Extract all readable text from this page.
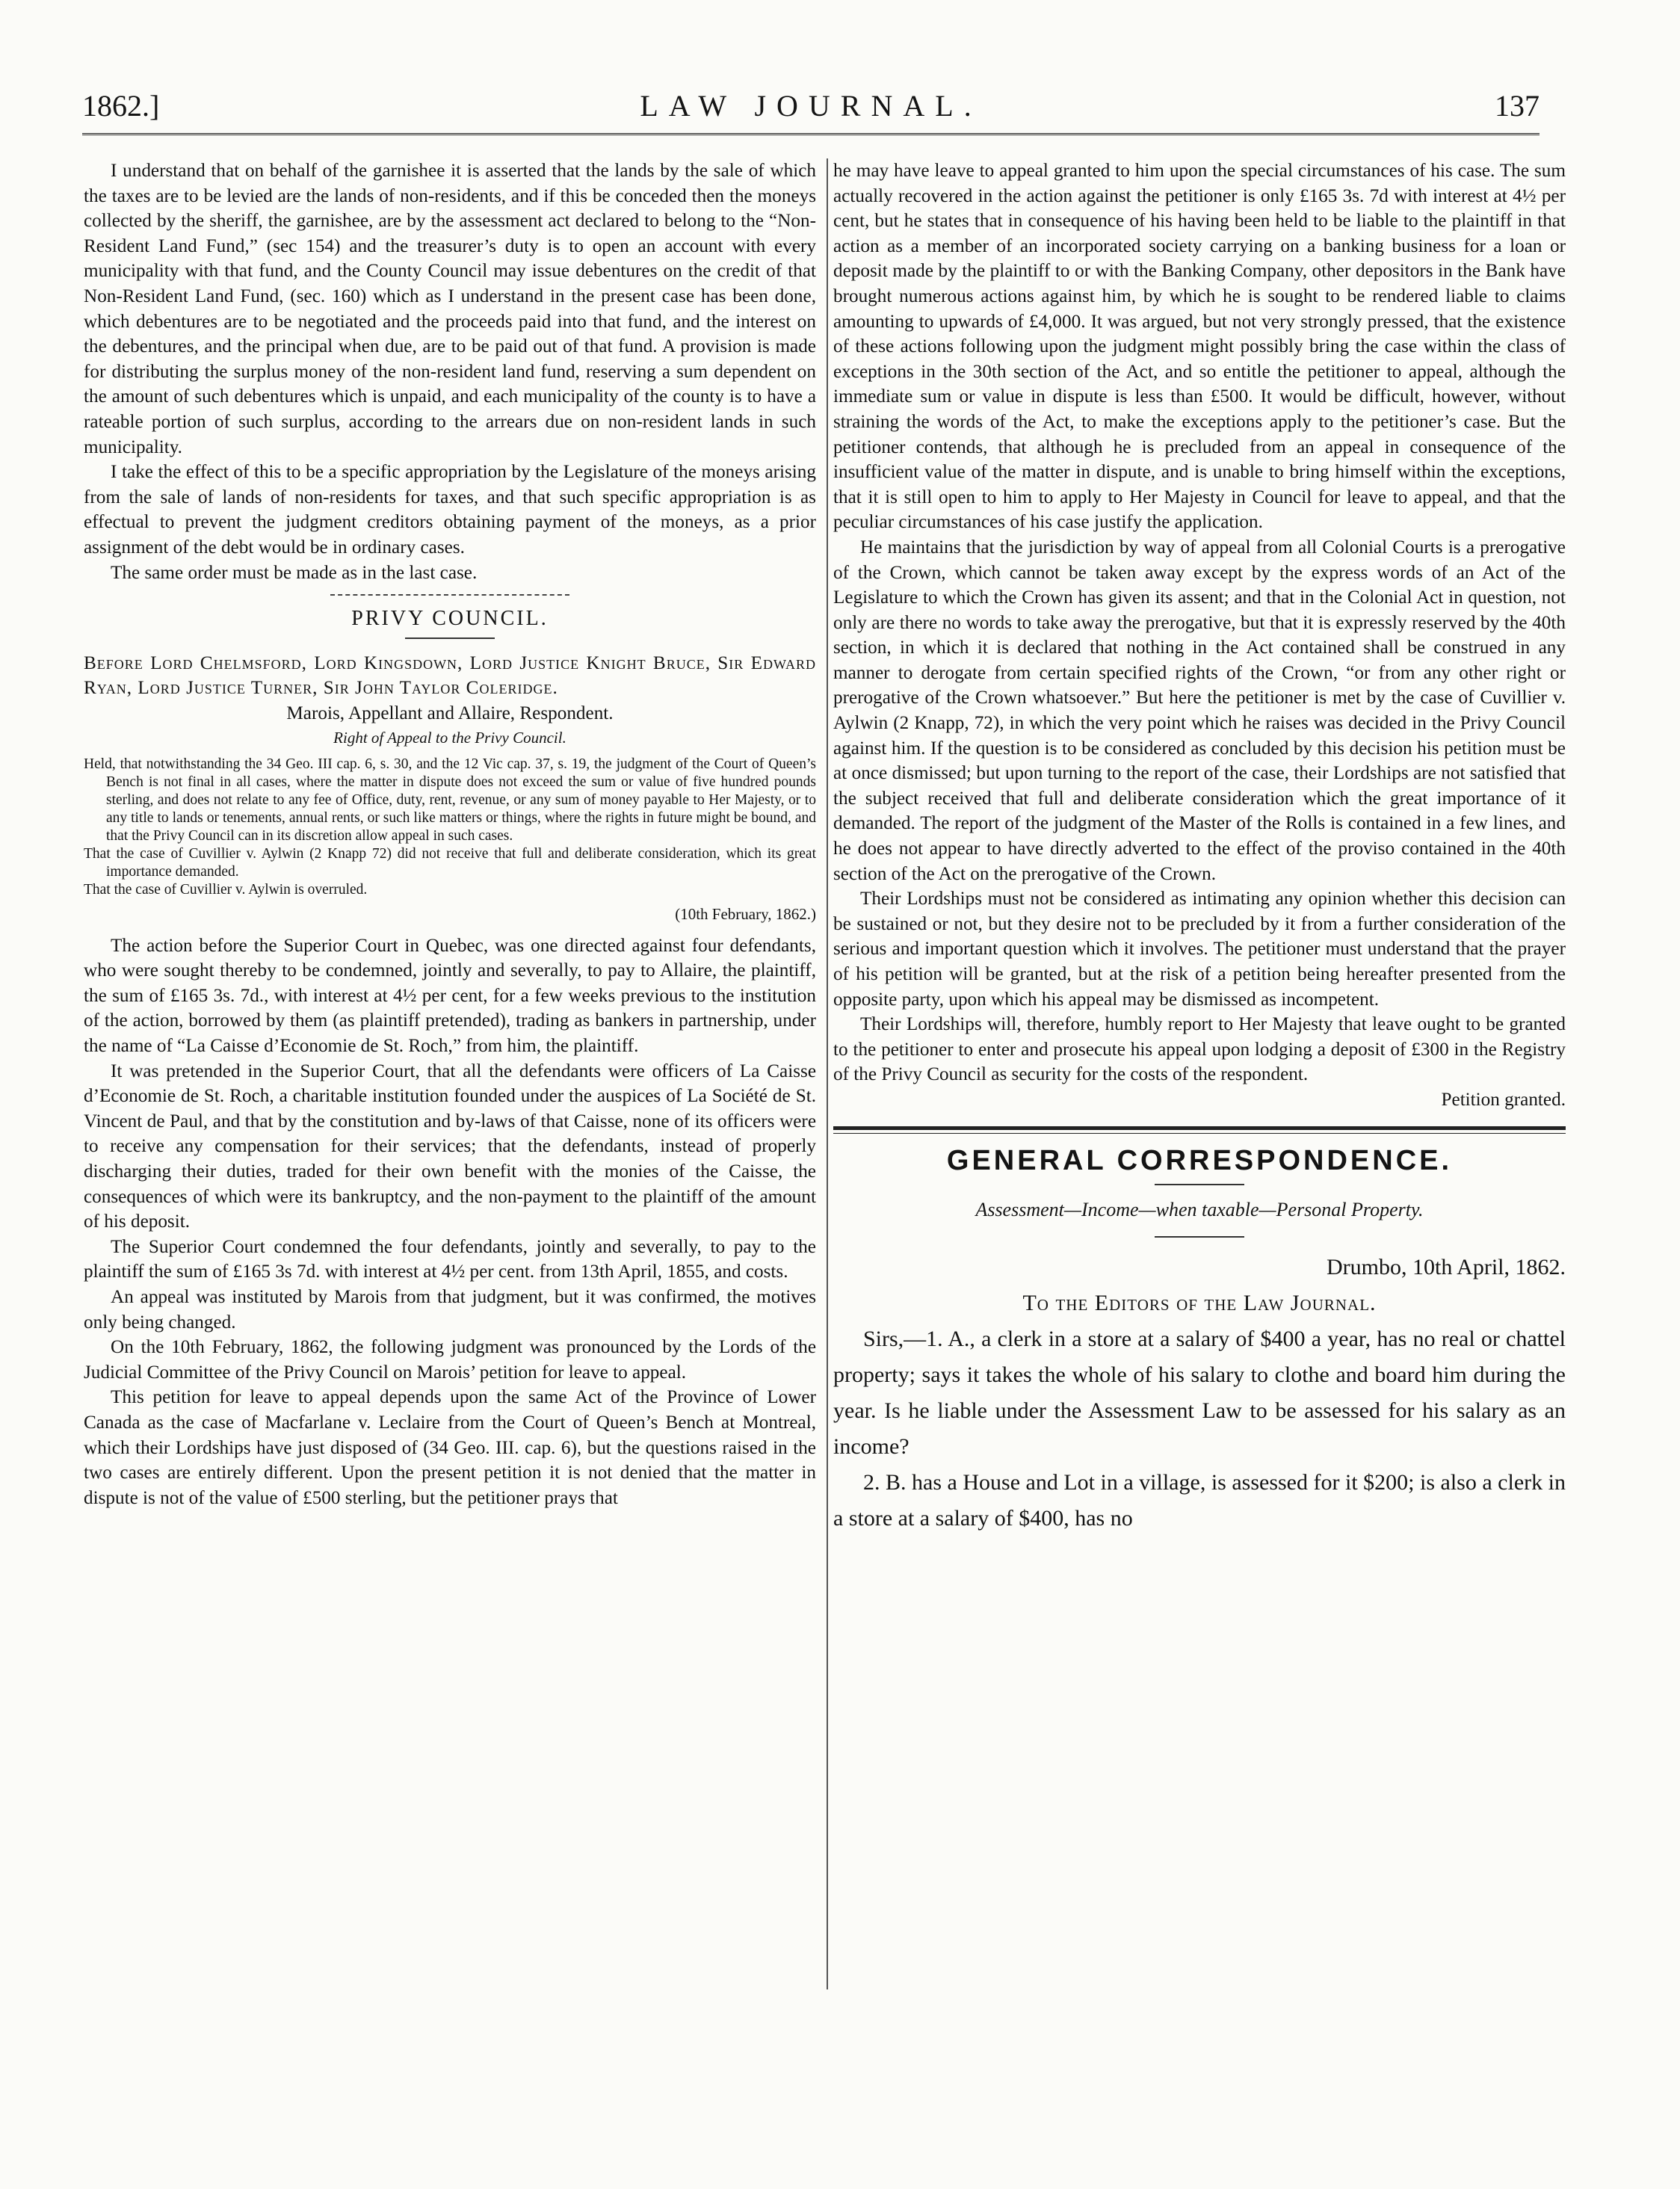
LAW JOURNAL.
1862.]	137

I understand that on behalf of the garnishee it is asserted that the lands by the sale of which the taxes are to be levied are the lands of non-residents, and if this be conceded then the moneys collected by the sheriff, the garnishee, are by the assessment act declared to belong to the “Non-Resident Land Fund,” (sec 154) and the treasurer’s duty is to open an account with every municipality with that fund, and the County Council may issue debentures on the credit of that Non-Resident Land Fund, (sec. 160) which as I understand in the present case has been done, which debentures are to be negotiated and the proceeds paid into that fund, and the interest on the debentures, and the principal when due, are to be paid out of that fund. A provision is made for distributing the surplus money of the non-resident land fund, reserving a sum dependent on the amount of such debentures which is unpaid, and each municipality of the county is to have a rateable portion of such surplus, according to the arrears due on non-resident lands in such municipality.

I take the effect of this to be a specific appropriation by the Legislature of the moneys arising from the sale of lands of non-residents for taxes, and that such specific appropriation is as effectual to prevent the judgment creditors obtaining payment of the moneys, as a prior assignment of the debt would be in ordinary cases.

The same order must be made as in the last case.

PRIVY COUNCIL.

Before Lord Chelmsford, Lord Kingsdown, Lord Justice Knight Bruce, Sir Edward Ryan, Lord Justice Turner, Sir John Taylor Coleridge.

Marois, Appellant and Allaire, Respondent.

Right of Appeal to the Privy Council.

Held, that notwithstanding the 34 Geo. III cap. 6, s. 30, and the 12 Vic cap. 37, s. 19, the judgment of the Court of Queen’s Bench is not final in all cases, where the matter in dispute does not exceed the sum or value of five hundred pounds sterling, and does not relate to any fee of Office, duty, rent, revenue, or any sum of money payable to Her Majesty, or to any title to lands or tenements, annual rents, or such like matters or things, where the rights in future might be bound, and that the Privy Council can in its discretion allow appeal in such cases.

That the case of Cuvillier v. Aylwin (2 Knapp 72) did not receive that full and deliberate consideration, which its great importance demanded.

That the case of Cuvillier v. Aylwin is overruled.

(10th February, 1862.)

The action before the Superior Court in Quebec, was one directed against four defendants, who were sought thereby to be condemned, jointly and severally, to pay to Allaire, the plaintiff, the sum of £165 3s. 7d., with interest at 4½ per cent, for a few weeks previous to the institution of the action, borrowed by them (as plaintiff pretended), trading as bankers in partnership, under the name of “La Caisse d’Economie de St. Roch,” from him, the plaintiff.

It was pretended in the Superior Court, that all the defendants were officers of La Caisse d’Economie de St. Roch, a charitable institution founded under the auspices of La Société de St. Vincent de Paul, and that by the constitution and by-laws of that Caisse, none of its officers were to receive any compensation for their services; that the defendants, instead of properly discharging their duties, traded for their own benefit with the monies of the Caisse, the consequences of which were its bankruptcy, and the non-payment to the plaintiff of the amount of his deposit.

The Superior Court condemned the four defendants, jointly and severally, to pay to the plaintiff the sum of £165 3s 7d. with interest at 4½ per cent. from 13th April, 1855, and costs.

An appeal was instituted by Marois from that judgment, but it was confirmed, the motives only being changed.

On the 10th February, 1862, the following judgment was pronounced by the Lords of the Judicial Committee of the Privy Council on Marois’ petition for leave to appeal.

This petition for leave to appeal depends upon the same Act of the Province of Lower Canada as the case of Macfarlane v. Leclaire from the Court of Queen’s Bench at Montreal, which their Lordships have just disposed of (34 Geo. III. cap. 6), but the questions raised in the two cases are entirely different. Upon the present petition it is not denied that the matter in dispute is not of the value of £500 sterling, but the petitioner prays that

he may have leave to appeal granted to him upon the special circumstances of his case. The sum actually recovered in the action against the petitioner is only £165 3s. 7d with interest at 4½ per cent, but he states that in consequence of his having been held to be liable to the plaintiff in that action as a member of an incorporated society carrying on a banking business for a loan or deposit made by the plaintiff to or with the Banking Company, other depositors in the Bank have brought numerous actions against him, by which he is sought to be rendered liable to claims amounting to upwards of £4,000. It was argued, but not very strongly pressed, that the existence of these actions following upon the judgment might possibly bring the case within the class of exceptions in the 30th section of the Act, and so entitle the petitioner to appeal, although the immediate sum or value in dispute is less than £500. It would be difficult, however, without straining the words of the Act, to make the exceptions apply to the petitioner’s case. But the petitioner contends, that although he is precluded from an appeal in consequence of the insufficient value of the matter in dispute, and is unable to bring himself within the exceptions, that it is still open to him to apply to Her Majesty in Council for leave to appeal, and that the peculiar circumstances of his case justify the application.

He maintains that the jurisdiction by way of appeal from all Colonial Courts is a prerogative of the Crown, which cannot be taken away except by the express words of an Act of the Legislature to which the Crown has given its assent; and that in the Colonial Act in question, not only are there no words to take away the prerogative, but that it is expressly reserved by the 40th section, in which it is declared that nothing in the Act contained shall be construed in any manner to derogate from certain specified rights of the Crown, “or from any other right or prerogative of the Crown whatsoever.” But here the petitioner is met by the case of Cuvillier v. Aylwin (2 Knapp, 72), in which the very point which he raises was decided in the Privy Council against him. If the question is to be considered as concluded by this decision his petition must be at once dismissed; but upon turning to the report of the case, their Lordships are not satisfied that the subject received that full and deliberate consideration which the great importance of it demanded. The report of the judgment of the Master of the Rolls is contained in a few lines, and he does not appear to have directly adverted to the effect of the proviso contained in the 40th section of the Act on the prerogative of the Crown.

Their Lordships must not be considered as intimating any opinion whether this decision can be sustained or not, but they desire not to be precluded by it from a further consideration of the serious and important question which it involves. The petitioner must understand that the prayer of his petition will be granted, but at the risk of a petition being hereafter presented from the opposite party, upon which his appeal may be dismissed as incompetent.

Their Lordships will, therefore, humbly report to Her Majesty that leave ought to be granted to the petitioner to enter and prosecute his appeal upon lodging a deposit of £300 in the Registry of the Privy Council as security for the costs of the respondent.

Petition granted.

GENERAL CORRESPONDENCE.
Assessment—Income—when taxable—Personal Property.

Drumbo, 10th April, 1862.

To the Editors of the Law Journal.

Sirs,—1. A., a clerk in a store at a salary of $400 a year, has no real or chattel property; says it takes the whole of his salary to clothe and board him during the year. Is he liable under the Assessment Law to be assessed for his salary as an income?

2. B. has a House and Lot in a village, is assessed for it $200; is also a clerk in a store at a salary of $400, has no
